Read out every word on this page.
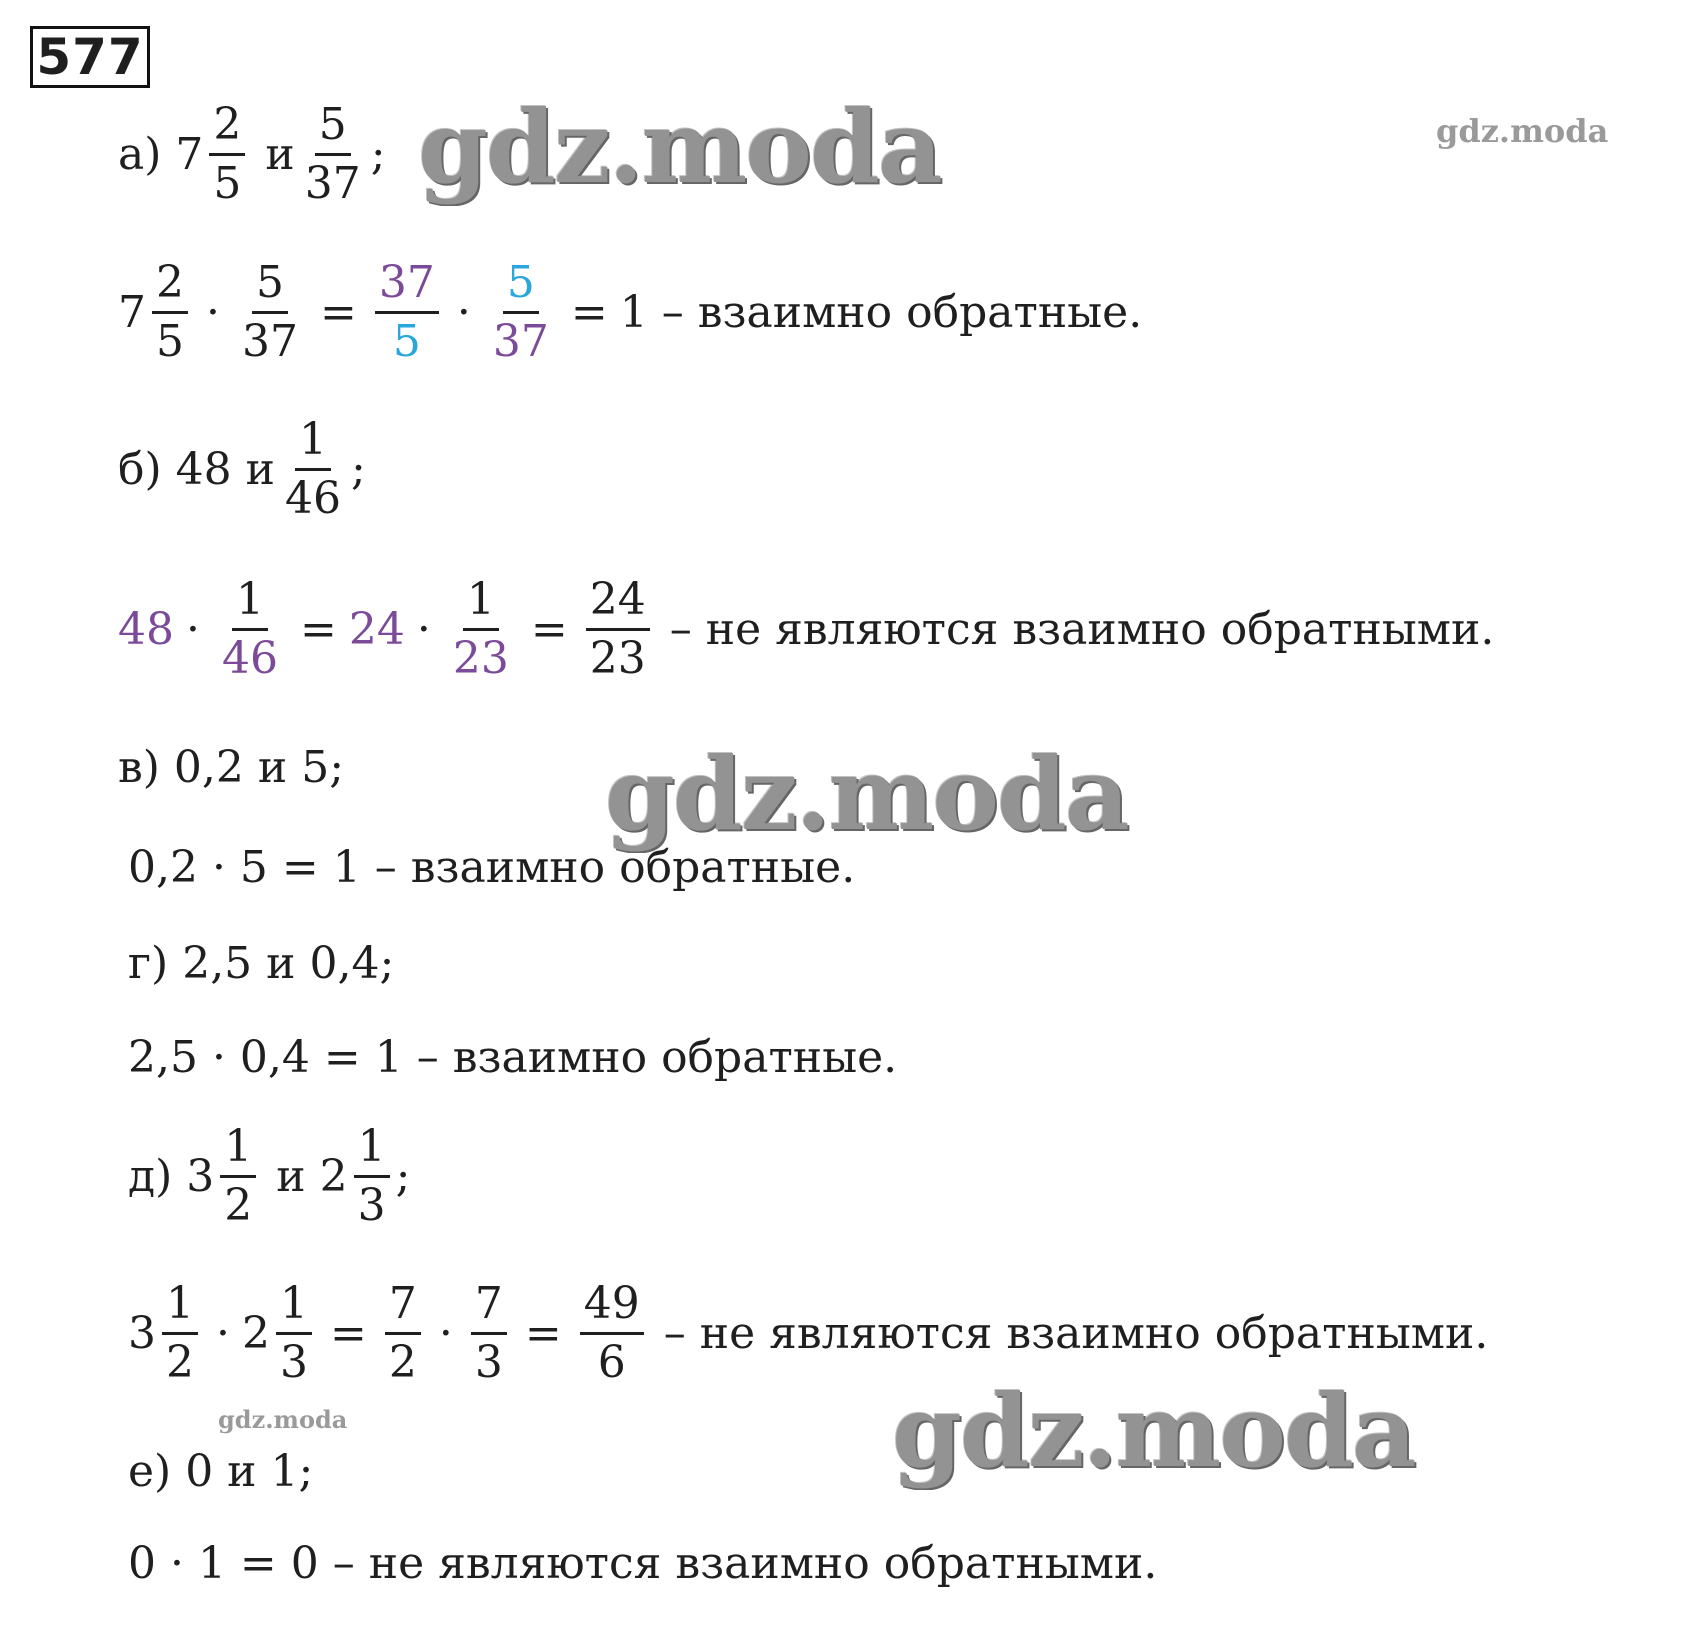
577
а) $7 \frac{2}{5}$ и $\frac{5}{37}$ ;
$7 \frac{2}{5} \cdot \frac{5}{37} = \frac{37}{5} \cdot \frac{5}{37} = 1$ – взаимно обратные.
б) 48 и $\frac{1}{46}$ ;
$48 \cdot \frac{1}{46} = 24 \cdot \frac{1}{23} = \frac{24}{23}$ – не являются взаимно обратными.
в) 0,2 и 5;
0,2 · 5 = 1 – взаимно обратные.
г) 2,5 и 0,4;
2,5 · 0,4 = 1 – взаимно обратные.
д) $3 \frac{1}{2}$ и $2 \frac{1}{3}$ ;
$3 \frac{1}{2} \cdot 2 \frac{1}{3} = \frac{7}{2} \cdot \frac{7}{3} = \frac{49}{6}$ – не являются взаимно обратными.
е) 0 и 1;
0 · 1 = 0 – не являются взаимно обратными.
gdz.moda	gdz.moda
gdz.moda
gdz.moda	gdz.moda
